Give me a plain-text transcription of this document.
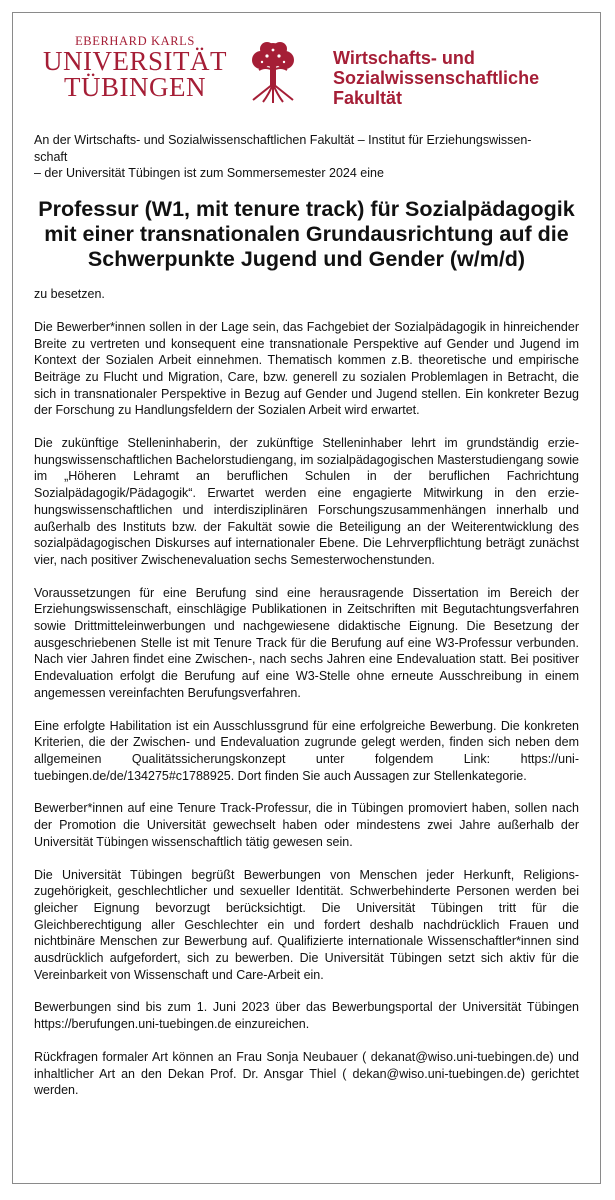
EBERHARD KARLS
UNIVERSITÄT
TÜBINGEN
Wirtschafts- und
Sozialwissenschaftliche
Fakultät
An der Wirtschafts- und Sozialwissenschaftlichen Fakultät – Institut für Erziehungswissen-
schaft
– der Universität Tübingen ist zum Sommersemester 2024 eine
Professur (W1, mit tenure track) für Sozialpädagogik
mit einer transnationalen Grundausrichtung auf die
Schwerpunkte Jugend und Gender (w/m/d)

zu besetzen.

Die Bewerber*innen sollen in der Lage sein, das Fachgebiet der Sozialpädagogik in hinreichender Breite zu vertreten und konsequent eine transnationale Perspektive auf Gender und Jugend im Kontext der Sozialen Arbeit einnehmen. Thematisch kommen z.B. theoretische und empirische Beiträge zu Flucht und Migration, Care, bzw. generell zu sozialen Problemlagen in Betracht, die sich in transnationaler Perspektive in Bezug auf Gender und Jugend stellen. Ein konkreter Bezug der Forschung zu Handlungsfeldern der Sozialen Arbeit wird erwartet.

Die zukünftige Stelleninhaberin, der zukünftige Stelleninhaber lehrt im grundständig erziehungswissenschaftlichen Bachelorstudiengang, im sozialpädagogischen Masterstudiengang sowie im „Höheren Lehramt an beruflichen Schulen in der beruflichen Fachrichtung Sozialpädagogik/Pädagogik“. Erwartet werden eine engagierte Mitwirkung in den erziehungswissenschaftlichen und interdisziplinären Forschungszusammenhängen innerhalb und außerhalb des Instituts bzw. der Fakultät sowie die Beteiligung an der Weiterentwicklung des sozialpädagogischen Diskurses auf internationaler Ebene. Die Lehrverpflichtung beträgt zunächst vier, nach positiver Zwischenevaluation sechs Semesterwochenstunden.

Voraussetzungen für eine Berufung sind eine herausragende Dissertation im Bereich der Erziehungswissenschaft, einschlägige Publikationen in Zeitschriften mit Begutachtungsverfahren sowie Drittmitteleinwerbungen und nachgewiesene didaktische Eignung. Die Besetzung der ausgeschriebenen Stelle ist mit Tenure Track für die Berufung auf eine W3-Professur verbunden. Nach vier Jahren findet eine Zwischen-, nach sechs Jahren eine Endevaluation statt. Bei positiver Endevaluation erfolgt die Berufung auf eine W3-Stelle ohne erneute Ausschreibung in einem angemessen vereinfachten Berufungsverfahren.

Eine erfolgte Habilitation ist ein Ausschlussgrund für eine erfolgreiche Bewerbung. Die konkreten Kriterien, die der Zwischen- und Endevaluation zugrunde gelegt werden, finden sich neben dem allgemeinen Qualitätssicherungskonzept unter folgendem Link: https://unituebingen.de/de/134275#c1788925. Dort finden Sie auch Aussagen zur Stellenkategorie.

Bewerber*innen auf eine Tenure Track-Professur, die in Tübingen promoviert haben, sollen nach der Promotion die Universität gewechselt haben oder mindestens zwei Jahre außerhalb der Universität Tübingen wissenschaftlich tätig gewesen sein.

Die Universität Tübingen begrüßt Bewerbungen von Menschen jeder Herkunft, Religionszugehörigkeit, geschlechtlicher und sexueller Identität. Schwerbehinderte Personen werden bei gleicher Eignung bevorzugt berücksichtigt. Die Universität Tübingen tritt für die Gleichberechtigung aller Geschlechter ein und fordert deshalb nachdrücklich Frauen und nichtbinäre Menschen zur Bewerbung auf. Qualifizierte internationale Wissenschaftler*innen sind ausdrücklich aufgefordert, sich zu bewerben. Die Universität Tübingen setzt sich aktiv für die Vereinbarkeit von Wissenschaft und Care-Arbeit ein.

Bewerbungen sind bis zum 1. Juni 2023 über das Bewerbungsportal der Universität Tübingen https://berufungen.uni-tuebingen.de einzureichen.

Rückfragen formaler Art können an Frau Sonja Neubauer ( dekanat@wiso.uni-tuebingen.de) und inhaltlicher Art an den Dekan Prof. Dr. Ansgar Thiel ( dekan@wiso.uni-tuebingen.de) gerichtet werden.
